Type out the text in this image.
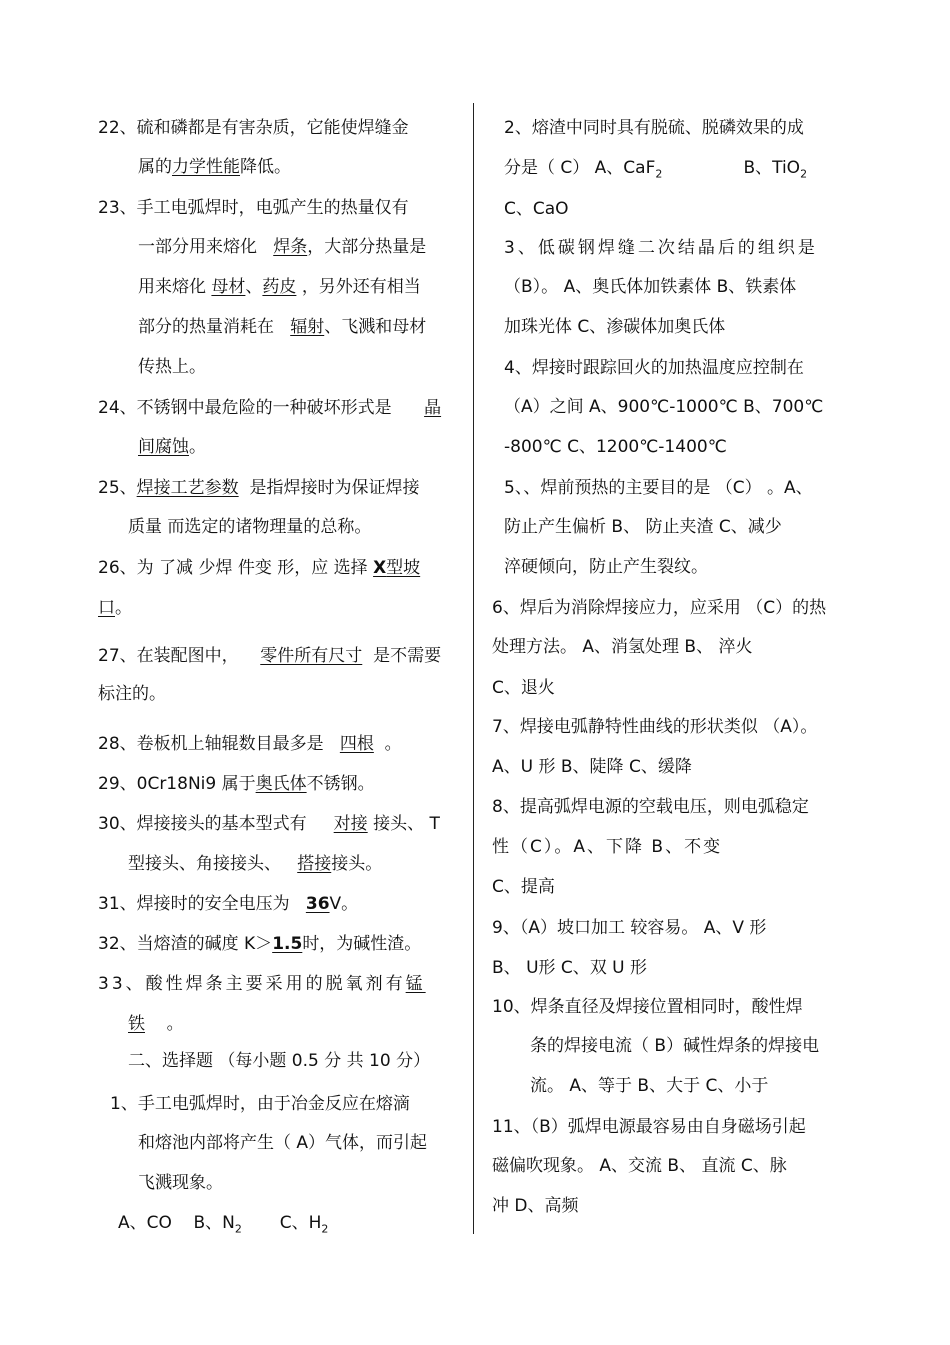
22、硫和磷都是有害杂质，它能使焊缝金
属的力学性能降低。
23、手工电弧焊时，电弧产生的热量仅有
一部分用来熔化 焊条，大部分热量是
用来熔化 母材、药皮 ，另外还有相当
部分的热量消耗在 辐射、飞溅和母材
传热上。
24、不锈钢中最危险的一种破坏形式是 晶
间腐蚀。
25、焊接工艺参数 是指焊接时为保证焊接
质量 而选定的诸物理量的总称。
26、为 了减 少焊 件变 形，应 选择 X型坡
口。
27、在装配图中， 零件所有尺寸 是不需要
标注的。
28、卷板机上轴辊数目最多是 四根 。
29、0Cr18Ni9 属于奥氏体不锈钢。
30、焊接接头的基本型式有 对接 接头、 T
型接头、角接接头、 搭接接头。
31、焊接时的安全电压为 36V。
32、当熔渣的碱度 K＞1.5时，为碱性渣。
33、酸性焊条主要采用的脱氧剂有锰
铁 。
二、选择题 （每小题 0.5 分 共 10 分）
1、手工电弧焊时，由于冶金反应在熔滴
和熔池内部将产生（ A）气体，而引起
飞溅现象。
A、CO B、$N_2$ C、$H_2$
2、熔渣中同时具有脱硫、脱磷效果的成
分是（ C） A、CaF$_2$	B、TiO$_2$
C、CaO
3、低碳钢焊缝二次结晶后的组织是
（B）。 A、奥氏体加铁素体 B、铁素体
加珠光体 C、渗碳体加奥氏体
4、焊接时跟踪回火的加热温度应控制在
（A）之间 A、900℃-1000℃ B、700℃
-800℃ C、1200℃-1400℃
5、、焊前预热的主要目的是 （C） 。A、
防止产生偏析 B、 防止夹渣 C、减少
淬硬倾向，防止产生裂纹。
6、焊后为消除焊接应力，应采用 （C）的热
处理方法。 A、消氢处理 B、 淬火
C、退火
7、焊接电弧静特性曲线的形状类似 （A）。
A、U 形 B、陡降 C、缓降
8、提高弧焊电源的空载电压，则电弧稳定
性（C）。A、下降 B、不变
C、提高
9、（A）坡口加工 较容易。 A、V 形
B、 U形 C、双 U 形
10、焊条直径及焊接位置相同时，酸性焊
条的焊接电流（ B）碱性焊条的焊接电
流。 A、等于 B、大于 C、小于
11、（B）弧焊电源最容易由自身磁场引起
磁偏吹现象。 A、交流 B、 直流 C、脉
冲 D、高频
